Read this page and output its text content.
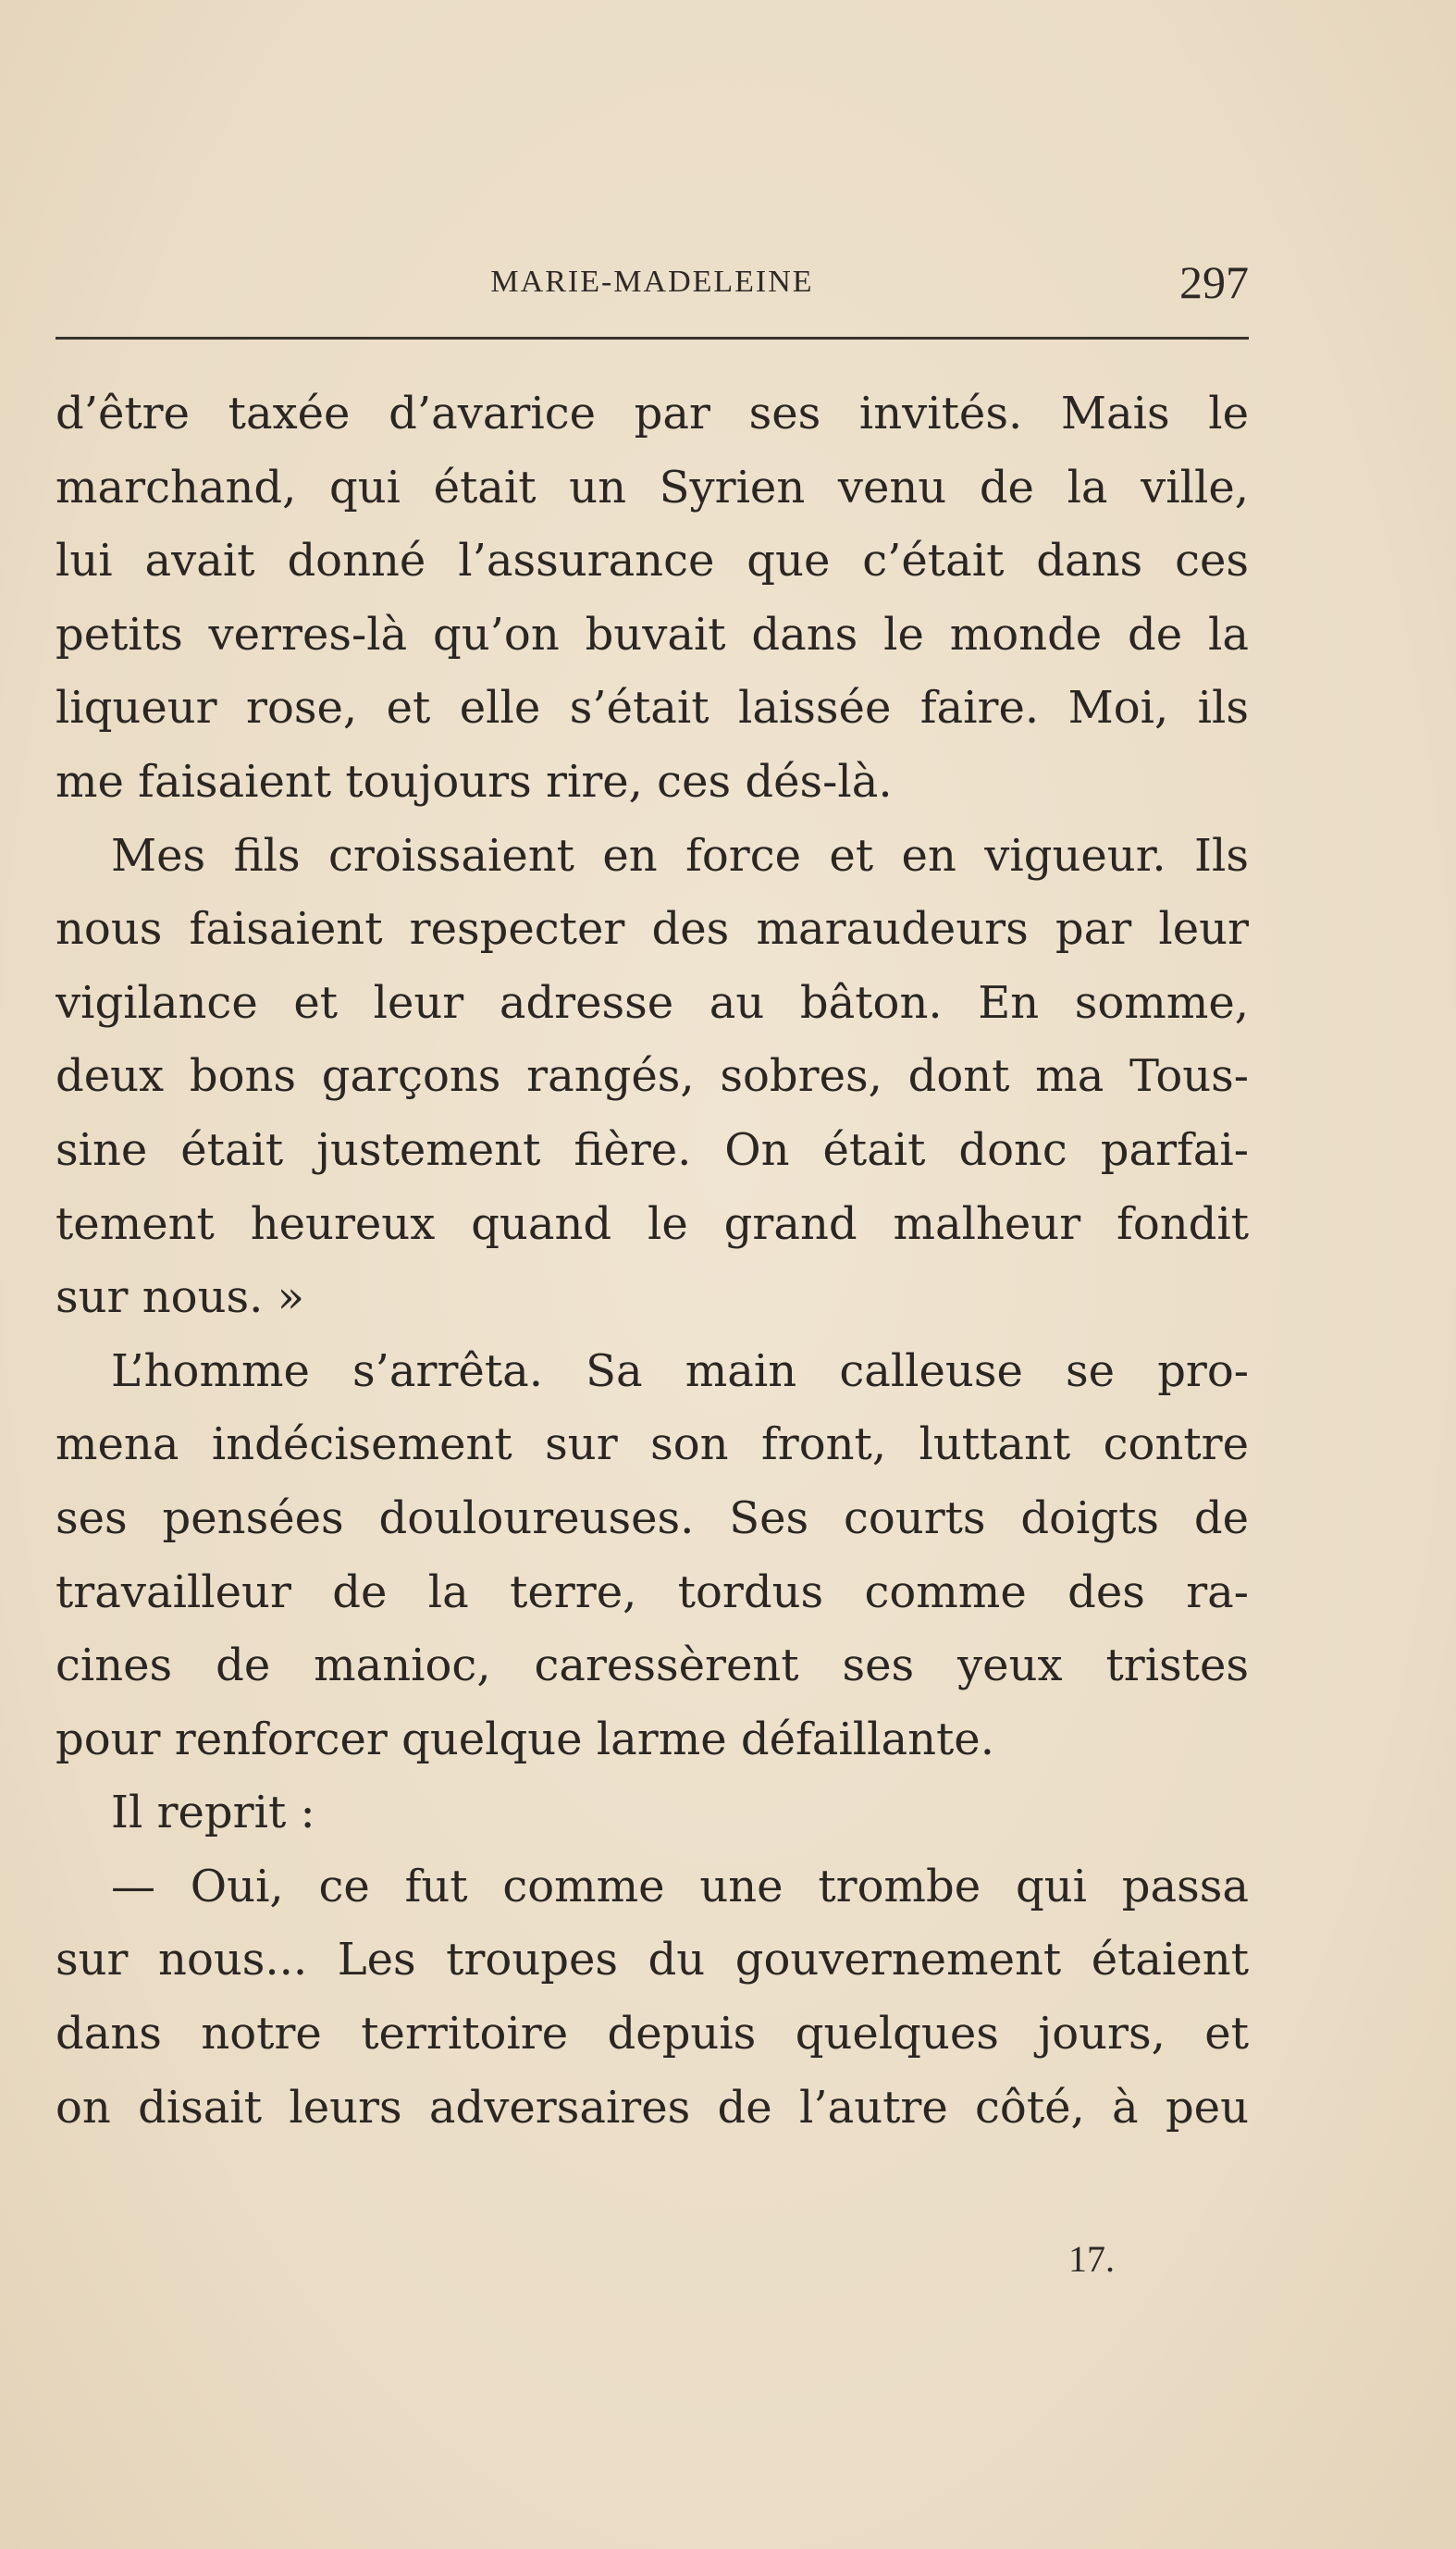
MARIE-MADELEINE	297
d’être taxée d’avarice par ses invités. Mais le
marchand, qui était un Syrien venu de la ville,
lui avait donné l’assurance que c’était dans ces
petits verres-là qu’on buvait dans le monde de la
liqueur rose, et elle s’était laissée faire. Moi, ils
me faisaient toujours rire, ces dés-là.
Mes fils croissaient en force et en vigueur. Ils
nous faisaient respecter des maraudeurs par leur
vigilance et leur adresse au bâton. En somme,
deux bons garçons rangés, sobres, dont ma Tous-
sine était justement fière. On était donc parfai-
tement heureux quand le grand malheur fondit
sur nous. »
L’homme s’arrêta. Sa main calleuse se pro-
mena indécisement sur son front, luttant contre
ses pensées douloureuses. Ses courts doigts de
travailleur de la terre, tordus comme des ra-
cines de manioc, caressèrent ses yeux tristes
pour renforcer quelque larme défaillante.
Il reprit :
— Oui, ce fut comme une trombe qui passa
sur nous... Les troupes du gouvernement étaient
dans notre territoire depuis quelques jours, et
on disait leurs adversaires de l’autre côté, à peu
17.
